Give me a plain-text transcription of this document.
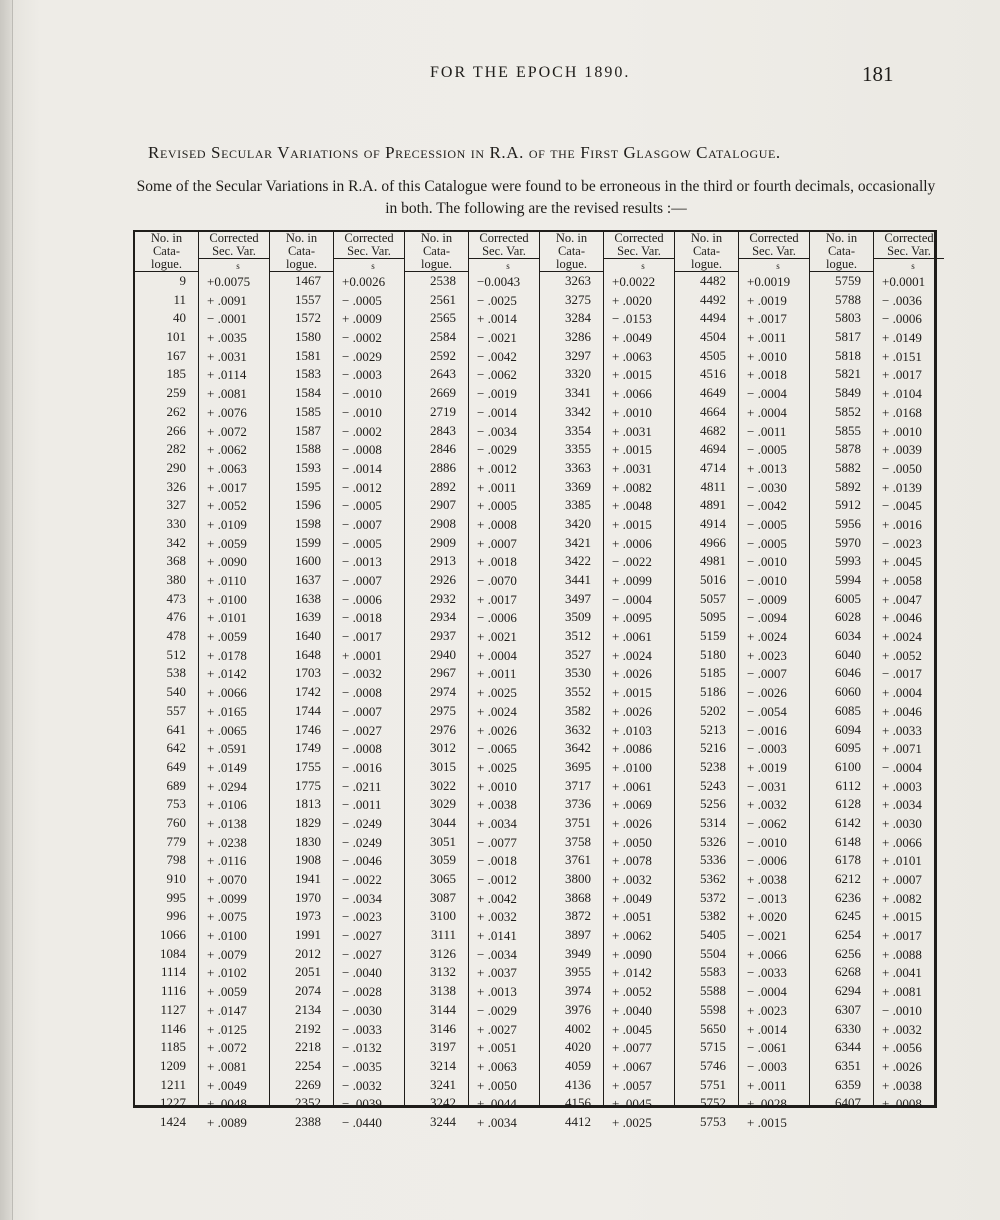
FOR THE EPOCH 1890.	181
Revised Secular Variations of Precession in R.A. of the First Glasgow Catalogue.
Some of the Secular Variations in R.A. of this Catalogue were found to be erroneous in the third or fourth decimals, occasionally in both. The following are the revised results :—
No. in
Cata-
logue.
9
11
40
101
167
185
259
262
266
282
290
326
327
330
342
368
380
473
476
478
512
538
540
557
641
642
649
689
753
760
779
798
910
995
996
1066
1084
1114
1116
1127
1146
1185
1209
1211
1227
1424
Corrected
Sec. Var.
s
+0.0075
+ .0091
− .0001
+ .0035
+ .0031
+ .0114
+ .0081
+ .0076
+ .0072
+ .0062
+ .0063
+ .0017
+ .0052
+ .0109
+ .0059
+ .0090
+ .0110
+ .0100
+ .0101
+ .0059
+ .0178
+ .0142
+ .0066
+ .0165
+ .0065
+ .0591
+ .0149
+ .0294
+ .0106
+ .0138
+ .0238
+ .0116
+ .0070
+ .0099
+ .0075
+ .0100
+ .0079
+ .0102
+ .0059
+ .0147
+ .0125
+ .0072
+ .0081
+ .0049
+ .0048
+ .0089
No. in
Cata-
logue.
1467
1557
1572
1580
1581
1583
1584
1585
1587
1588
1593
1595
1596
1598
1599
1600
1637
1638
1639
1640
1648
1703
1742
1744
1746
1749
1755
1775
1813
1829
1830
1908
1941
1970
1973
1991
2012
2051
2074
2134
2192
2218
2254
2269
2352
2388
Corrected
Sec. Var.
s
+0.0026
− .0005
+ .0009
− .0002
− .0029
− .0003
− .0010
− .0010
− .0002
− .0008
− .0014
− .0012
− .0005
− .0007
− .0005
− .0013
− .0007
− .0006
− .0018
− .0017
+ .0001
− .0032
− .0008
− .0007
− .0027
− .0008
− .0016
− .0211
− .0011
− .0249
− .0249
− .0046
− .0022
− .0034
− .0023
− .0027
− .0027
− .0040
− .0028
− .0030
− .0033
− .0132
− .0035
− .0032
− .0039
− .0440
No. in
Cata-
logue.
2538
2561
2565
2584
2592
2643
2669
2719
2843
2846
2886
2892
2907
2908
2909
2913
2926
2932
2934
2937
2940
2967
2974
2975
2976
3012
3015
3022
3029
3044
3051
3059
3065
3087
3100
3111
3126
3132
3138
3144
3146
3197
3214
3241
3242
3244
Corrected
Sec. Var.
s
−0.0043
− .0025
+ .0014
− .0021
− .0042
− .0062
− .0019
− .0014
− .0034
− .0029
+ .0012
+ .0011
+ .0005
+ .0008
+ .0007
+ .0018
− .0070
+ .0017
− .0006
+ .0021
+ .0004
+ .0011
+ .0025
+ .0024
+ .0026
− .0065
+ .0025
+ .0010
+ .0038
+ .0034
− .0077
− .0018
− .0012
+ .0042
+ .0032
+ .0141
− .0034
+ .0037
+ .0013
− .0029
+ .0027
+ .0051
+ .0063
+ .0050
+ .0044
+ .0034
No. in
Cata-
logue.
3263
3275
3284
3286
3297
3320
3341
3342
3354
3355
3363
3369
3385
3420
3421
3422
3441
3497
3509
3512
3527
3530
3552
3582
3632
3642
3695
3717
3736
3751
3758
3761
3800
3868
3872
3897
3949
3955
3974
3976
4002
4020
4059
4136
4156
4412
Corrected
Sec. Var.
s
+0.0022
+ .0020
− .0153
+ .0049
+ .0063
+ .0015
+ .0066
+ .0010
+ .0031
+ .0015
+ .0031
+ .0082
+ .0048
+ .0015
+ .0006
− .0022
+ .0099
− .0004
+ .0095
+ .0061
+ .0024
+ .0026
+ .0015
+ .0026
+ .0103
+ .0086
+ .0100
+ .0061
+ .0069
+ .0026
+ .0050
+ .0078
+ .0032
+ .0049
+ .0051
+ .0062
+ .0090
+ .0142
+ .0052
+ .0040
+ .0045
+ .0077
+ .0067
+ .0057
+ .0045
+ .0025
No. in
Cata-
logue.
4482
4492
4494
4504
4505
4516
4649
4664
4682
4694
4714
4811
4891
4914
4966
4981
5016
5057
5095
5159
5180
5185
5186
5202
5213
5216
5238
5243
5256
5314
5326
5336
5362
5372
5382
5405
5504
5583
5588
5598
5650
5715
5746
5751
5752
5753
Corrected
Sec. Var.
s
+0.0019
+ .0019
+ .0017
+ .0011
+ .0010
+ .0018
− .0004
+ .0004
− .0011
− .0005
+ .0013
− .0030
− .0042
− .0005
− .0005
− .0010
− .0010
− .0009
− .0094
+ .0024
+ .0023
− .0007
− .0026
− .0054
− .0016
− .0003
+ .0019
− .0031
+ .0032
− .0062
− .0010
− .0006
+ .0038
− .0013
+ .0020
− .0021
+ .0066
− .0033
− .0004
+ .0023
+ .0014
− .0061
− .0003
+ .0011
+ .0028
+ .0015
No. in
Cata-
logue.
5759
5788
5803
5817
5818
5821
5849
5852
5855
5878
5882
5892
5912
5956
5970
5993
5994
6005
6028
6034
6040
6046
6060
6085
6094
6095
6100
6112
6128
6142
6148
6178
6212
6236
6245
6254
6256
6268
6294
6307
6330
6344
6351
6359
6407
Corrected
Sec. Var.
s
+0.0001
− .0036
− .0006
+ .0149
+ .0151
+ .0017
+ .0104
+ .0168
+ .0010
+ .0039
− .0050
+ .0139
− .0045
+ .0016
− .0023
+ .0045
+ .0058
+ .0047
+ .0046
+ .0024
+ .0052
− .0017
+ .0004
+ .0046
+ .0033
+ .0071
− .0004
+ .0003
+ .0034
+ .0030
+ .0066
+ .0101
+ .0007
+ .0082
+ .0015
+ .0017
+ .0088
+ .0041
+ .0081
− .0010
+ .0032
+ .0056
+ .0026
+ .0038
+ .0008
